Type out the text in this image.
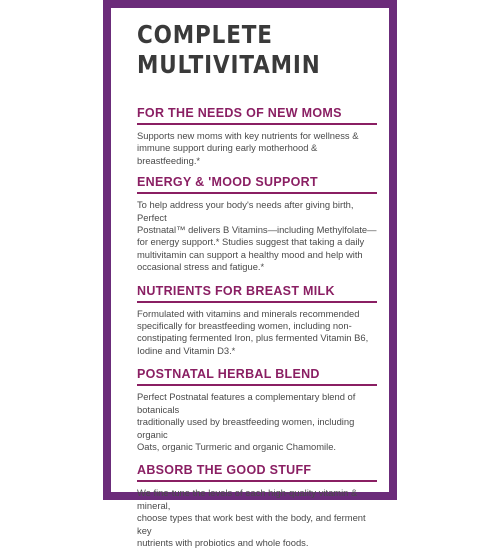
COMPLETE
MULTIVITAMIN
FOR THE NEEDS OF NEW MOMS

Supports new moms with key nutrients for wellness &
immune support during early motherhood & breastfeeding.*

ENERGY & 'MOOD SUPPORT

To help address your body's needs after giving birth, Perfect
Postnatal™ delivers B Vitamins—including Methylfolate—
for energy support.* Studies suggest that taking a daily
multivitamin can support a healthy mood and help with
occasional stress and fatigue.*

NUTRIENTS FOR BREAST MILK

Formulated with vitamins and minerals recommended
specifically for breastfeeding women, including non-
constipating fermented Iron, plus fermented Vitamin B6,
Iodine and Vitamin D3.*

POSTNATAL HERBAL BLEND

Perfect Postnatal features a complementary blend of botanicals
traditionally used by breastfeeding women, including organic
Oats, organic Turmeric and organic Chamomile.

ABSORB THE GOOD STUFF

We fine-tune the levels of each high-quality vitamin & mineral,
choose types that work best with the body, and ferment key
nutrients with probiotics and whole foods.
